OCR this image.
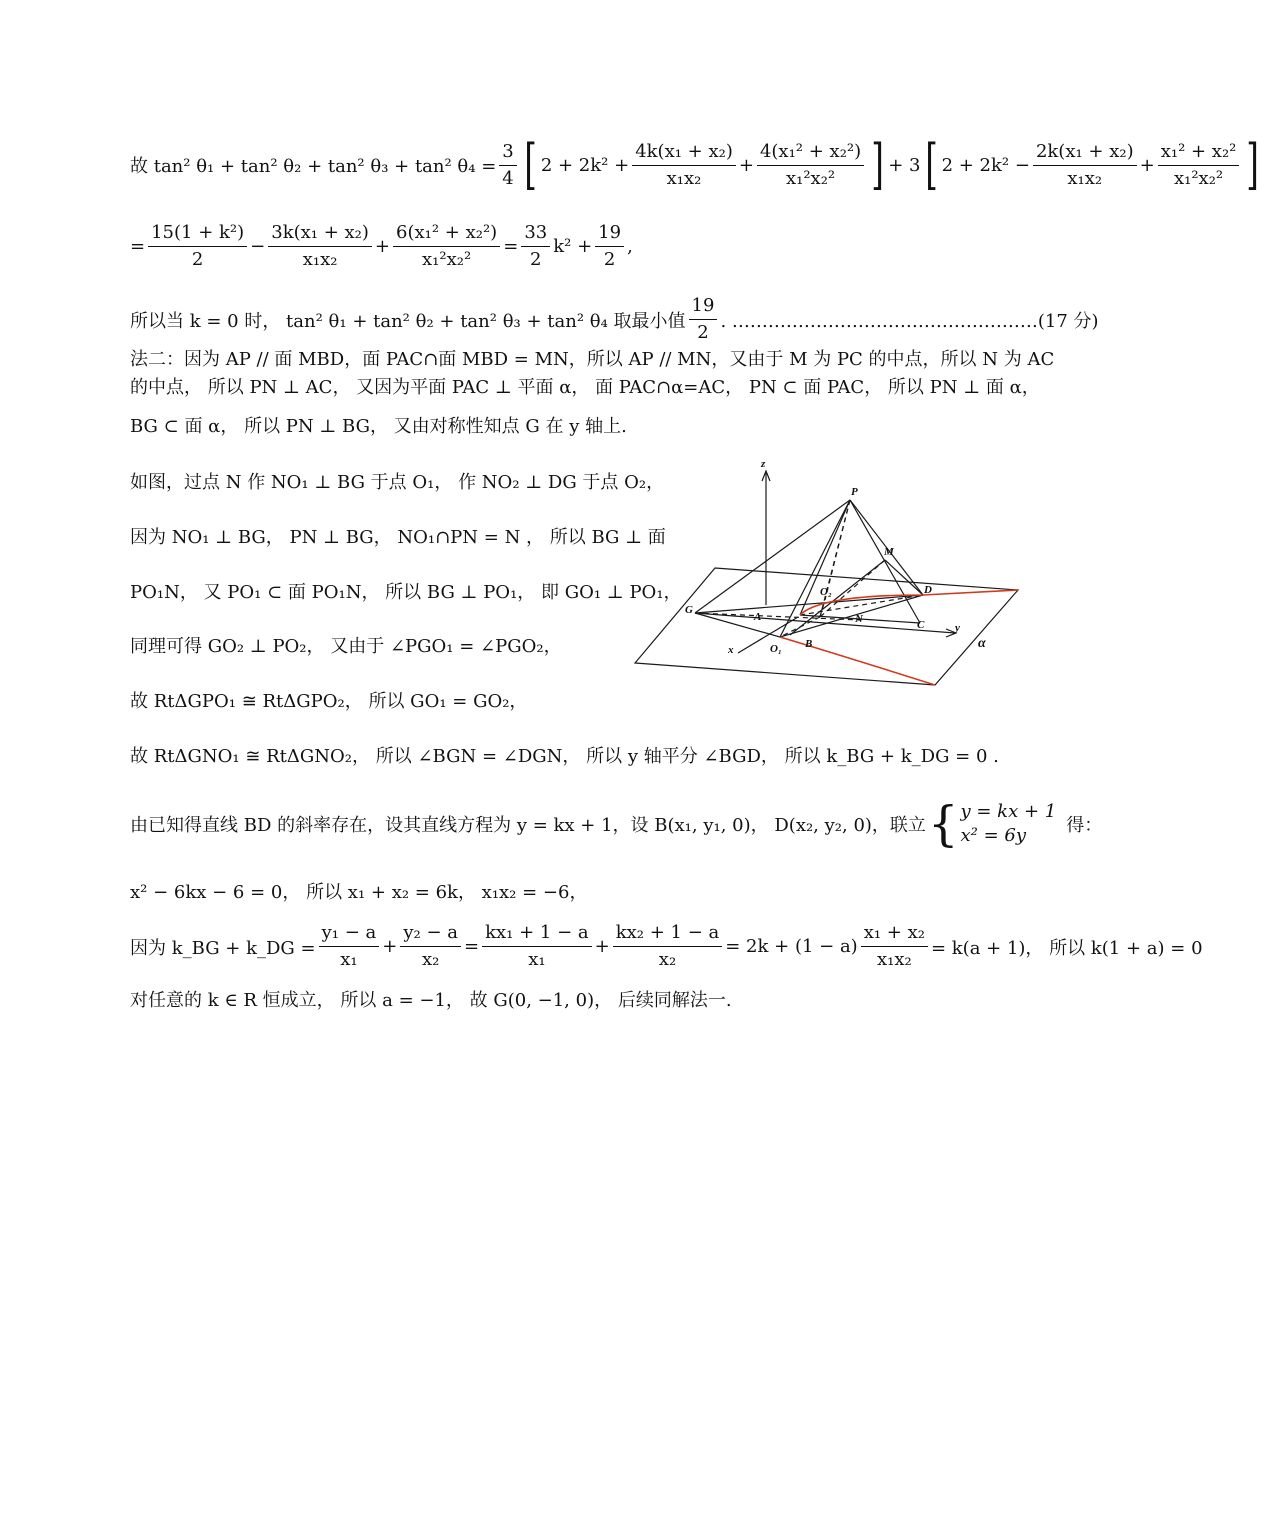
故 tan² θ₁ + tan² θ₂ + tan² θ₃ + tan² $\theta_4 = \frac{3}{4}$ [ $2 + 2k^2 + \frac{\text{4k(x₁ + x₂)}}{\text{x₁x₂}} + \frac{\text{4(x₁² + x₂²)}}{\text{x₁²x₂²}}$ ] + 3 [ $2 + 2k^2 - \frac{\text{2k(x₁ + x₂)}}{\text{x₁x₂}} + \frac{\text{x₁² + x₂²}}{\text{x₁²x₂²}}$ ]
= $\frac{\text{15(1 + k²)}}{2} - \frac{\text{3k(x₁ + x₂)}}{\text{x₁x₂}} + \frac{\text{6(x₁² + x₂²)}}{\text{x₁²x₂²}} = \frac{33}{2} k^2 + \frac{19}{2}$ ,
所以当 k = 0 时， tan² θ₁ + tan² θ₂ + tan² θ₃ + tan² θ₄ 取最小值 $\frac{19}{2}$ . ……………………………………………(17 分)
法二：因为 AP // 面 MBD，面 PAC∩面 MBD = MN，所以 AP // MN，又由于 M 为 PC 的中点，所以 N 为 AC
的中点， 所以 PN ⊥ AC， 又因为平面 PAC ⊥ 平面 α， 面 PAC∩α=AC， PN ⊂ 面 PAC， 所以 PN ⊥ 面 α，
BG ⊂ 面 α， 所以 PN ⊥ BG， 又由对称性知点 G 在 y 轴上.
如图，过点 N 作 NO₁ ⊥ BG 于点 O₁， 作 NO₂ ⊥ DG 于点 O₂，
因为 NO₁ ⊥ BG， PN ⊥ BG， NO₁∩PN = N ， 所以 BG ⊥ 面
PO₁N， 又 PO₁ ⊂ 面 PO₁N， 所以 BG ⊥ PO₁， 即 GO₁ ⊥ PO₁，
同理可得 GO₂ ⊥ PO₂， 又由于 ∠PGO₁ = ∠PGO₂，
故 RtΔGPO₁ ≅ RtΔGPO₂， 所以 GO₁ = GO₂，
故 RtΔGNO₁ ≅ RtΔGNO₂， 所以 ∠BGN = ∠DGN， 所以 y 轴平分 ∠BGD， 所以 k_BG + k_DG = 0 .
由已知得直线 BD 的斜率存在，设其直线方程为 y = kx + 1，设 B(x₁, y₁, 0)， D(x₂, y₂, 0)，联立 { y = kx + 1
x² = 6y	得：
x² − 6kx − 6 = 0， 所以 x₁ + x₂ = 6k， x₁x₂ = −6，
因为 k_BG + k_DG = $\frac{\text{y₁ − a}}{\text{x₁}} + \frac{\text{y₂ − a}}{\text{x₂}} = \frac{\text{kx₁ + 1 − a}}{\text{x₁}} + \frac{\text{kx₂ + 1 − a}}{\text{x₂}} = 2k + (1 - a) \frac{\text{x₁ + x₂}}{\text{x₁x₂}} = k(a + 1)$， 所以 k(1 + a) = 0
对任意的 k ∈ R 恒成立， 所以 a = −1， 故 G(0, −1, 0)， 后续同解法一.
z
P
M
O₂	D
G
A	N	C	y
x	O₁ B	α
